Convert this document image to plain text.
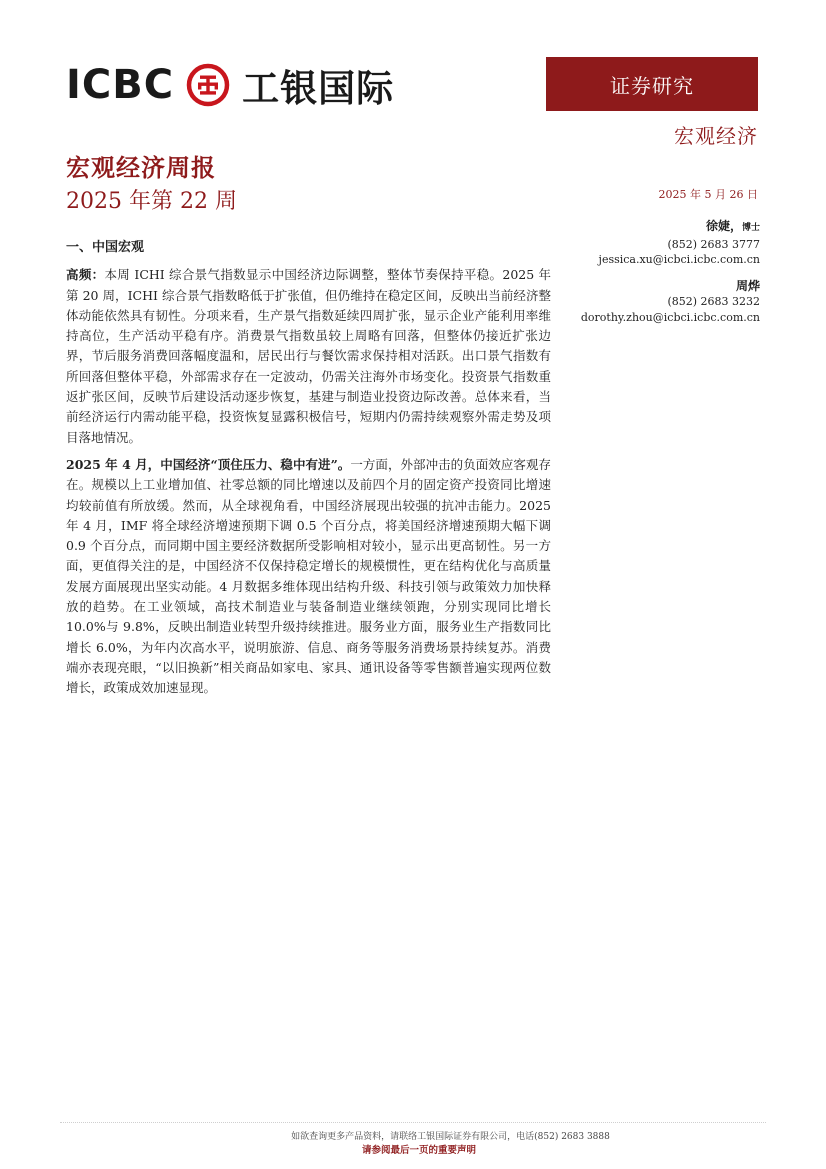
ICBC 工银国际	证券研究
宏观经济
宏观经济周报
2025 年第 22 周	2025 年 5 月 26 日
徐婕，博士
(852) 2683 3777
jessica.xu@icbci.icbc.com.cn
周烨
(852) 2683 3232
dorothy.zhou@icbci.icbc.com.cn
一、中国宏观

高频：本周 ICHI 综合景气指数显示中国经济边际调整，整体节奏保持平稳。2025 年第 20 周，ICHI 综合景气指数略低于扩张值，但仍维持在稳定区间，反映出当前经济整体动能依然具有韧性。分项来看，生产景气指数延续四周扩张，显示企业产能利用率维持高位，生产活动平稳有序。消费景气指数虽较上周略有回落，但整体仍接近扩张边界，节后服务消费回落幅度温和，居民出行与餐饮需求保持相对活跃。出口景气指数有所回落但整体平稳，外部需求存在一定波动，仍需关注海外市场变化。投资景气指数重返扩张区间，反映节后建设活动逐步恢复，基建与制造业投资边际改善。总体来看，当前经济运行内需动能平稳，投资恢复显露积极信号，短期内仍需持续观察外需走势及项目落地情况。

2025 年 4 月，中国经济“顶住压力、稳中有进”。一方面，外部冲击的负面效应客观存在。规模以上工业增加值、社零总额的同比增速以及前四个月的固定资产投资同比增速均较前值有所放缓。然而，从全球视角看，中国经济展现出较强的抗冲击能力。2025 年 4 月，IMF 将全球经济增速预期下调 0.5 个百分点，将美国经济增速预期大幅下调 0.9 个百分点，而同期中国主要经济数据所受影响相对较小，显示出更高韧性。另一方面，更值得关注的是，中国经济不仅保持稳定增长的规模惯性，更在结构优化与高质量发展方面展现出坚实动能。4 月数据多维体现出结构升级、科技引领与政策效力加快释放的趋势。在工业领域，高技术制造业与装备制造业继续领跑，分别实现同比增长 10.0%与 9.8%，反映出制造业转型升级持续推进。服务业方面，服务业生产指数同比增长 6.0%，为年内次高水平，说明旅游、信息、商务等服务消费场景持续复苏。消费端亦表现亮眼，“以旧换新”相关商品如家电、家具、通讯设备等零售额普遍实现两位数增长，政策成效加速显现。

如欲查询更多产品资料，请联络工银国际证券有限公司，电话(852) 2683 3888
请参阅最后一页的重要声明
